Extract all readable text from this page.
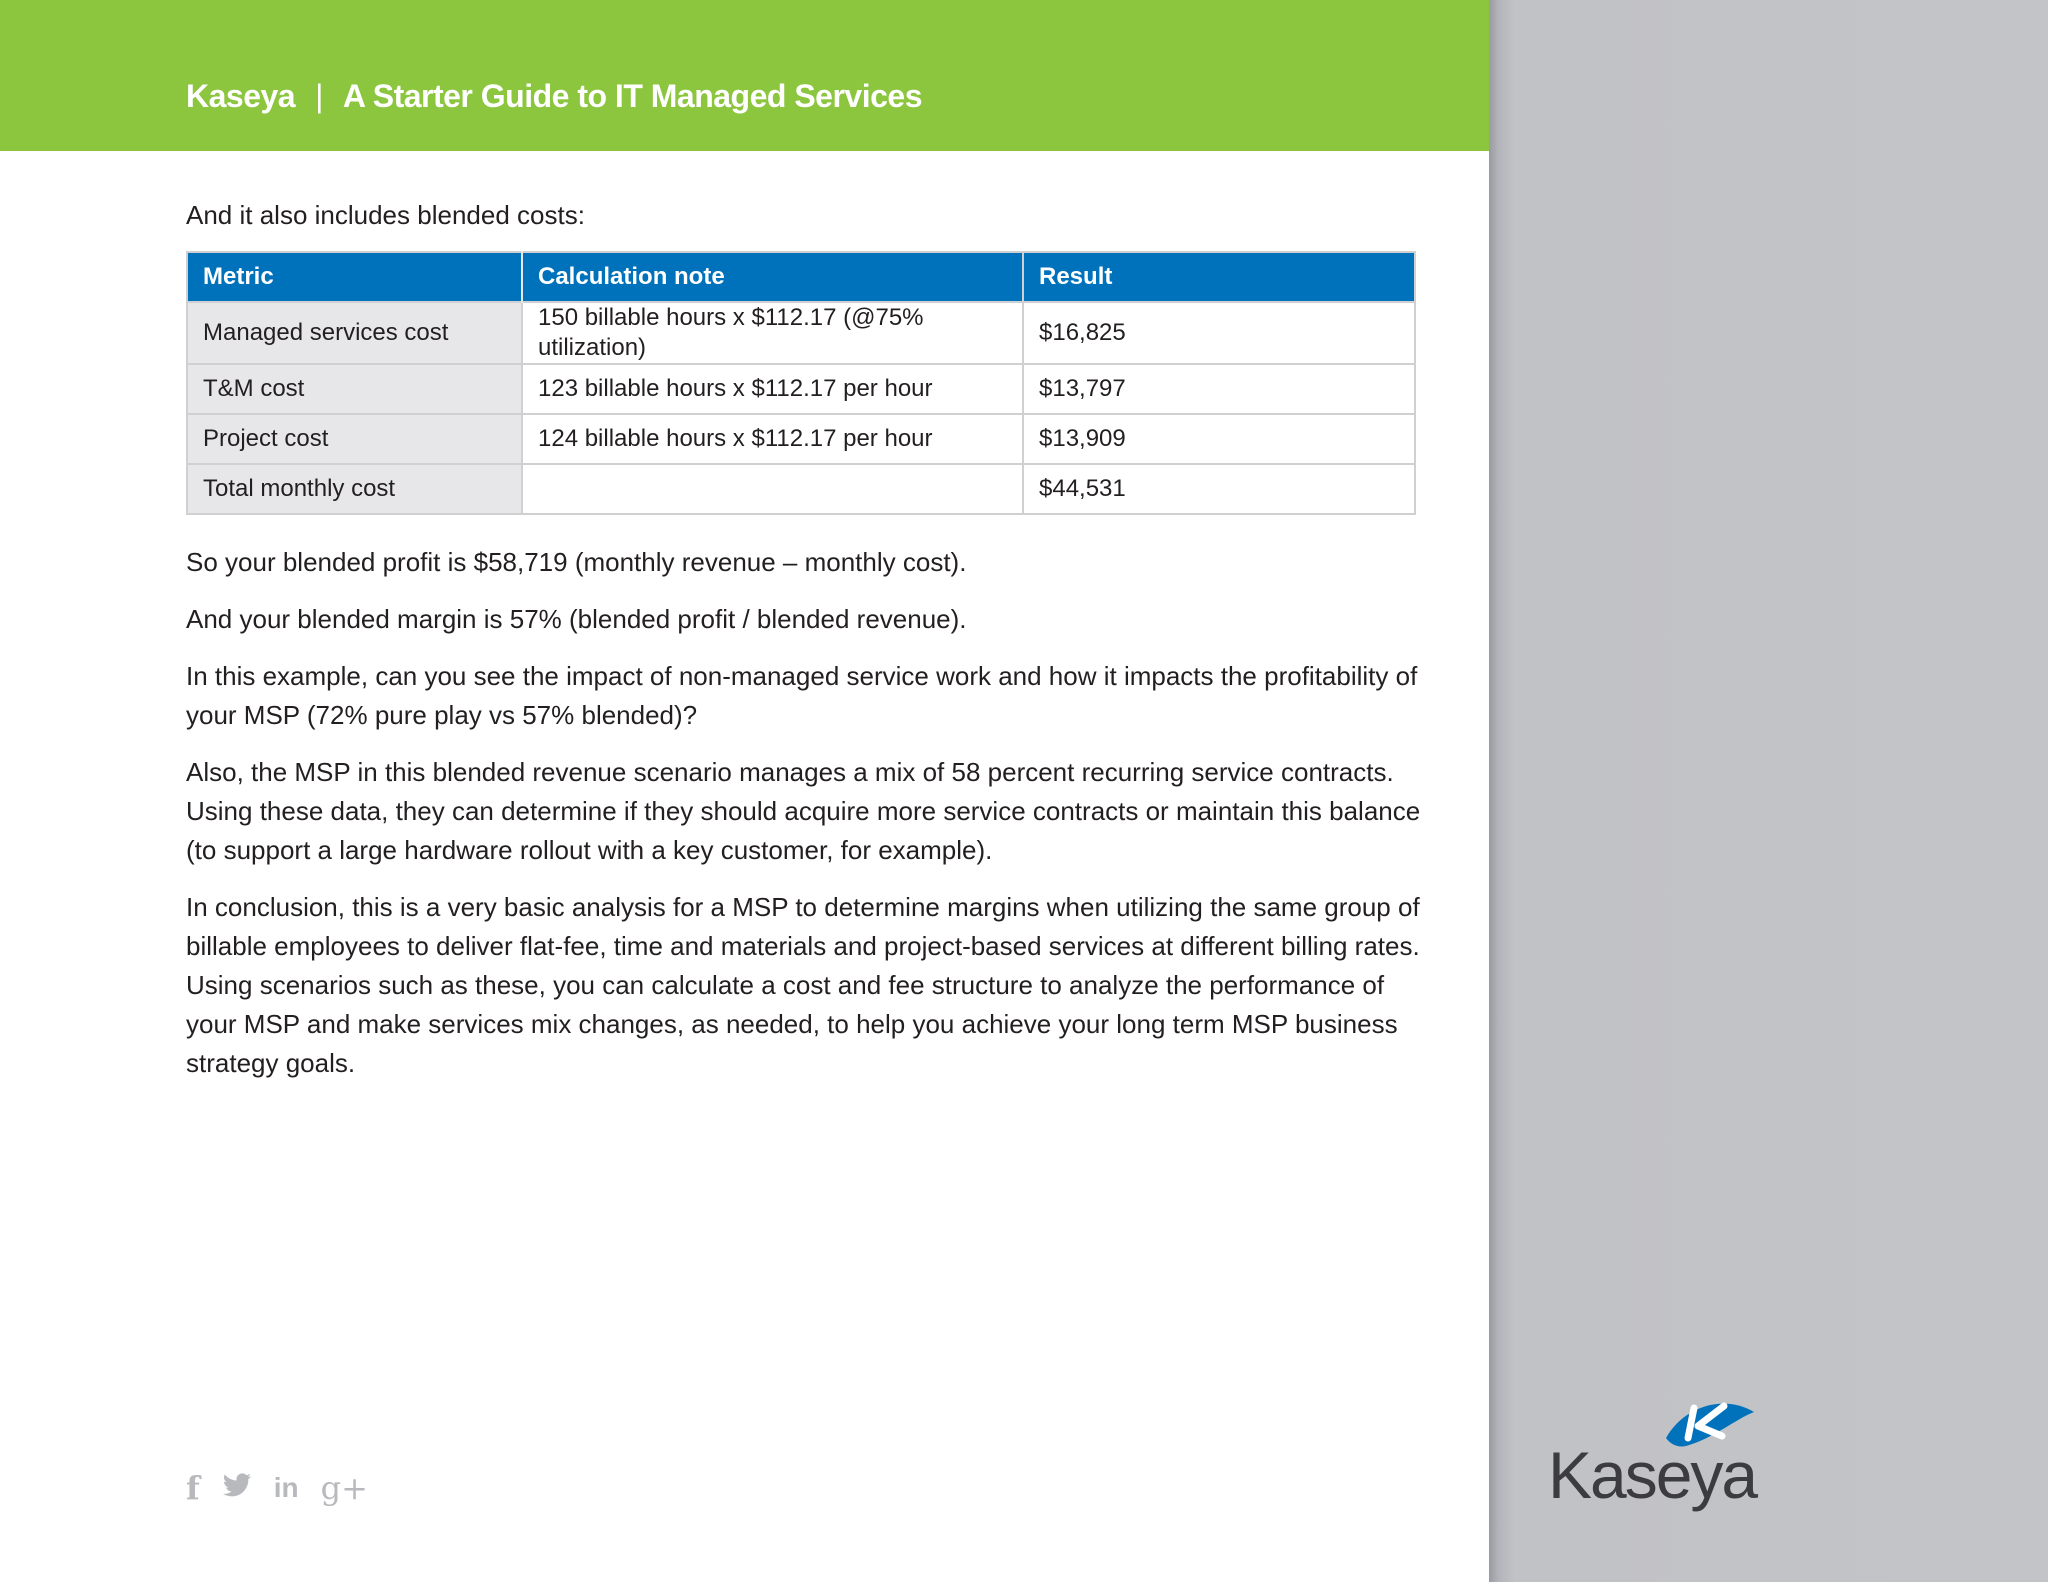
Kaseya | A Starter Guide to IT Managed Services

And it also includes blended costs:

Metric	Calculation note	Result
Managed services cost	150 billable hours x $112.17 (@75% utilization)	$16,825
T&M cost	123 billable hours x $112.17 per hour	$13,797
Project cost	124 billable hours x $112.17 per hour	$13,909
Total monthly cost		$44,531

So your blended profit is $58,719 (monthly revenue – monthly cost).

And your blended margin is 57% (blended profit / blended revenue).

In this example, can you see the impact of non-managed service work and how it impacts the profitability of your MSP (72% pure play vs 57% blended)?

Also, the MSP in this blended revenue scenario manages a mix of 58 percent recurring service contracts. Using these data, they can determine if they should acquire more service contracts or maintain this balance (to support a large hardware rollout with a key customer, for example).

In conclusion, this is a very basic analysis for a MSP to determine margins when utilizing the same group of billable employees to deliver flat-fee, time and materials and project-based services at different billing rates. Using scenarios such as these, you can calculate a cost and fee structure to analyze the performance of your MSP and make services mix changes, as needed, to help you achieve your long term MSP business strategy goals.

f	in g+	Kaseya
